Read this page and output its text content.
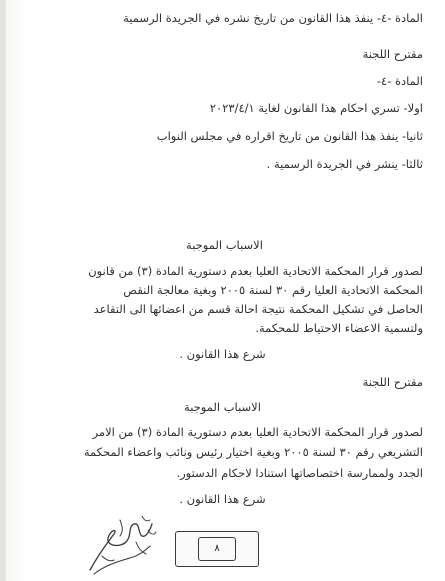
المادة -٤- ينفذ هذا القانون من تاريخ نشره في الجريدة الرسمية
مقترح اللجنة
المادة -٤-
اولا- تسري احكام هذا القانون لغاية ٢٠٢٣/٤/١
ثانيا- ينفذ هذا القانون من تاريخ اقراره في مجلس النواب
ثالثا- ينشر في الجريدة الرسمية .
الاسباب الموجبة
لصدور قرار المحكمة الاتحادية العليا بعدم دستورية المادة (٣) من قانون
المحكمة الاتحادية العليا رقم ٣٠ لسنة ٢٠٠٥ وبغية معالجة النقص
الحاصل في تشكيل المحكمة نتيجة احالة قسم من اعضائها الى التقاعد
ولتسمية الاعضاء الاحتياط للمحكمة.
شرع هذا القانون .
مقترح اللجنة
الاسباب الموجبة
لصدور قرار المحكمة الاتحادية العليا بعدم دستورية المادة (٣) من الامر
التشريعي رقم ٣٠ لسنة ٢٠٠٥ وبغية اختيار رئيس ونائب واعضاء المحكمة
الجدد ولممارسة اختصاصاتها استنادا لاحكام الدستور.
شرع هذا القانون .
٨
